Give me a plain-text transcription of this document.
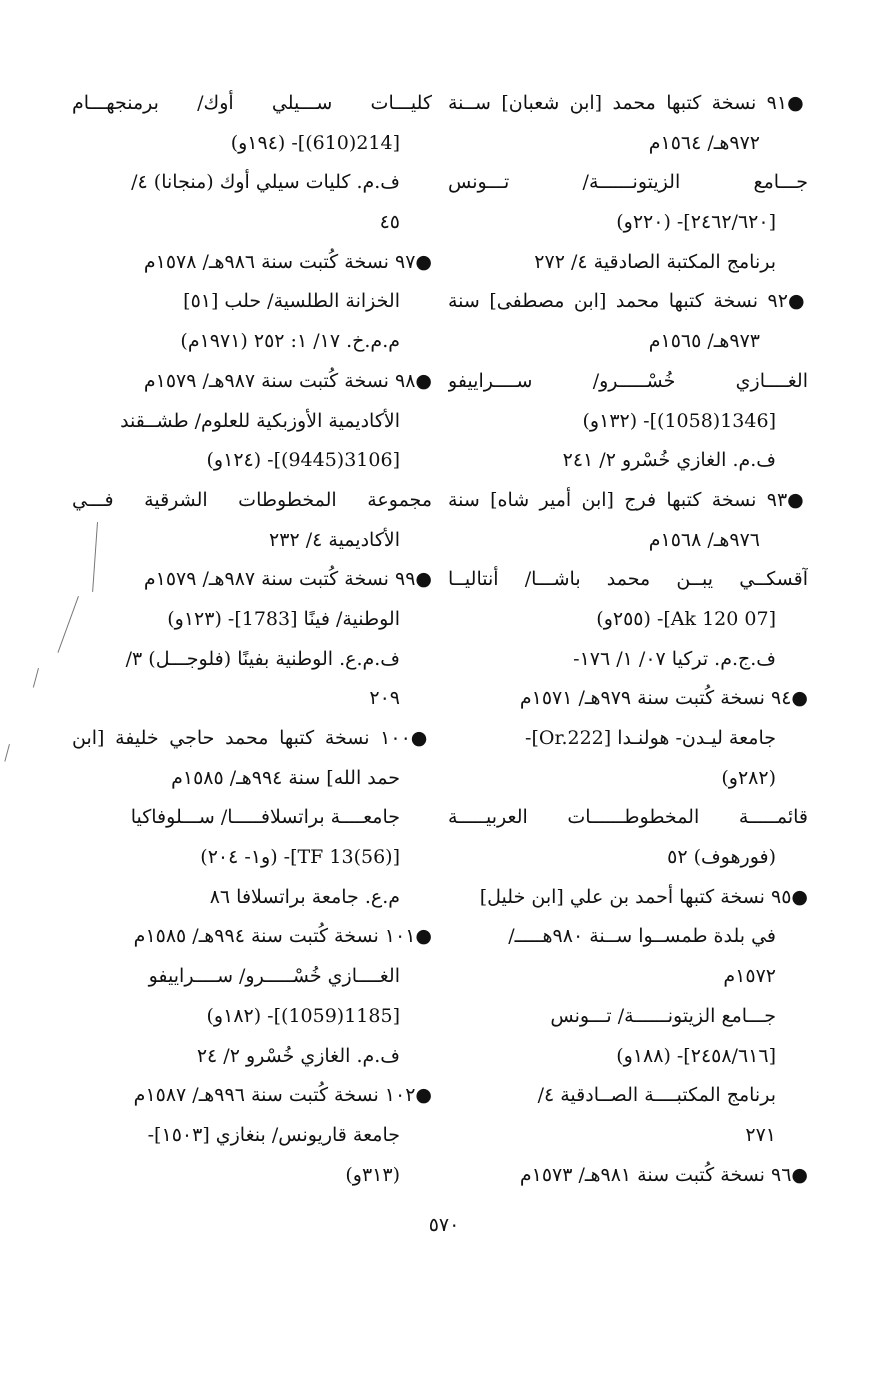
●٩١ نسخة كتبها محمد [ابن شعبان] ســنة
٩٧٢هـ/ ١٥٦٤م
جـــامع الزيتونــــــة/ تـــونس
[٢٤٦٢/٦٢٠]- (٢٢٠و)
برنامج المكتبة الصادقية ٤/ ٢٧٢
●٩٢ نسخة كتبها محمد [ابن مصطفى] سنة
٩٧٣هـ/ ١٥٦٥م
الغــــازي خُسْـــــرو/ ســــراييفو
[1346(1058)]- (١٣٢و)
ف.م. الغازي خُسْرو ٢/ ٢٤١
●٩٣ نسخة كتبها فرج [ابن أمير شاه] سنة
٩٧٦هـ/ ١٥٦٨م
آقسكــي يبــن محمد باشـــا/ أنتاليــا
[07 Ak 120]- (٢٥٥و)
ف.ج.م. تركيا ٠٧/ ١/ ١٧٦-
●٩٤ نسخة كُتبت سنة ٩٧٩هـ/ ١٥٧١م
جامعة ليـدن- هولنـدا [Or.222]-
(٢٨٢و)
قائمـــــة المخطوطــــــات العربيـــــة
(فورهوف) ٥٢
●٩٥ نسخة كتبها أحمد بن علي [ابن خليل]
في بلدة طمســوا ســنة ٩٨٠هـــــ/
١٥٧٢م
جـــامع الزيتونــــــة/ تـــونس
[٢٤٥٨/٦١٦]- (١٨٨و)
برنامج المكتبــــة الصــادقية ٤/
٢٧١
●٩٦ نسخة كُتبت سنة ٩٨١هـ/ ١٥٧٣م
كليـــات ســـيلي أوك/ برمنجهـــام
[214(610)]- (١٩٤و)
ف.م. كليات سيلي أوك (منجانا) ٤/
٤٥
●٩٧ نسخة كُتبت سنة ٩٨٦هـ/ ١٥٧٨م
الخزانة الطلسية/ حلب [٥١]
م.م.خ. ١٧/ ١: ٢٥٢ (١٩٧١م)
●٩٨ نسخة كُتبت سنة ٩٨٧هـ/ ١٥٧٩م
الأكاديمية الأوزبكية للعلوم/ طشــقند
[3106(9445)]- (١٢٤و)
مجموعة المخطوطات الشرقية فـــي
الأكاديمية ٤/ ٢٣٢
●٩٩ نسخة كُتبت سنة ٩٨٧هـ/ ١٥٧٩م
الوطنية/ فينًا [1783]- (١٢٣و)
ف.م.ع. الوطنية بفينًا (فلوجـــل) ٣/
٢٠٩
●١٠٠ نسخة كتبها محمد حاجي خليفة [ابن
حمد الله] سنة ٩٩٤هـ/ ١٥٨٥م
جامعــــة براتسلافـــــا/ ســـلوفاكيا
[TF 13(56)]- (و١- ٢٠٤)
م.ع. جامعة براتسلافا ٨٦
●١٠١ نسخة كُتبت سنة ٩٩٤هـ/ ١٥٨٥م
الغــــازي خُسْـــــرو/ ســــراييفو
[1185(1059)]- (١٨٢و)
ف.م. الغازي خُسْرو ٢/ ٢٤
●١٠٢ نسخة كُتبت سنة ٩٩٦هـ/ ١٥٨٧م
جامعة قاريونس/ بنغازي [١٥٠٣]-
(٣١٣و)
٥٧٠
